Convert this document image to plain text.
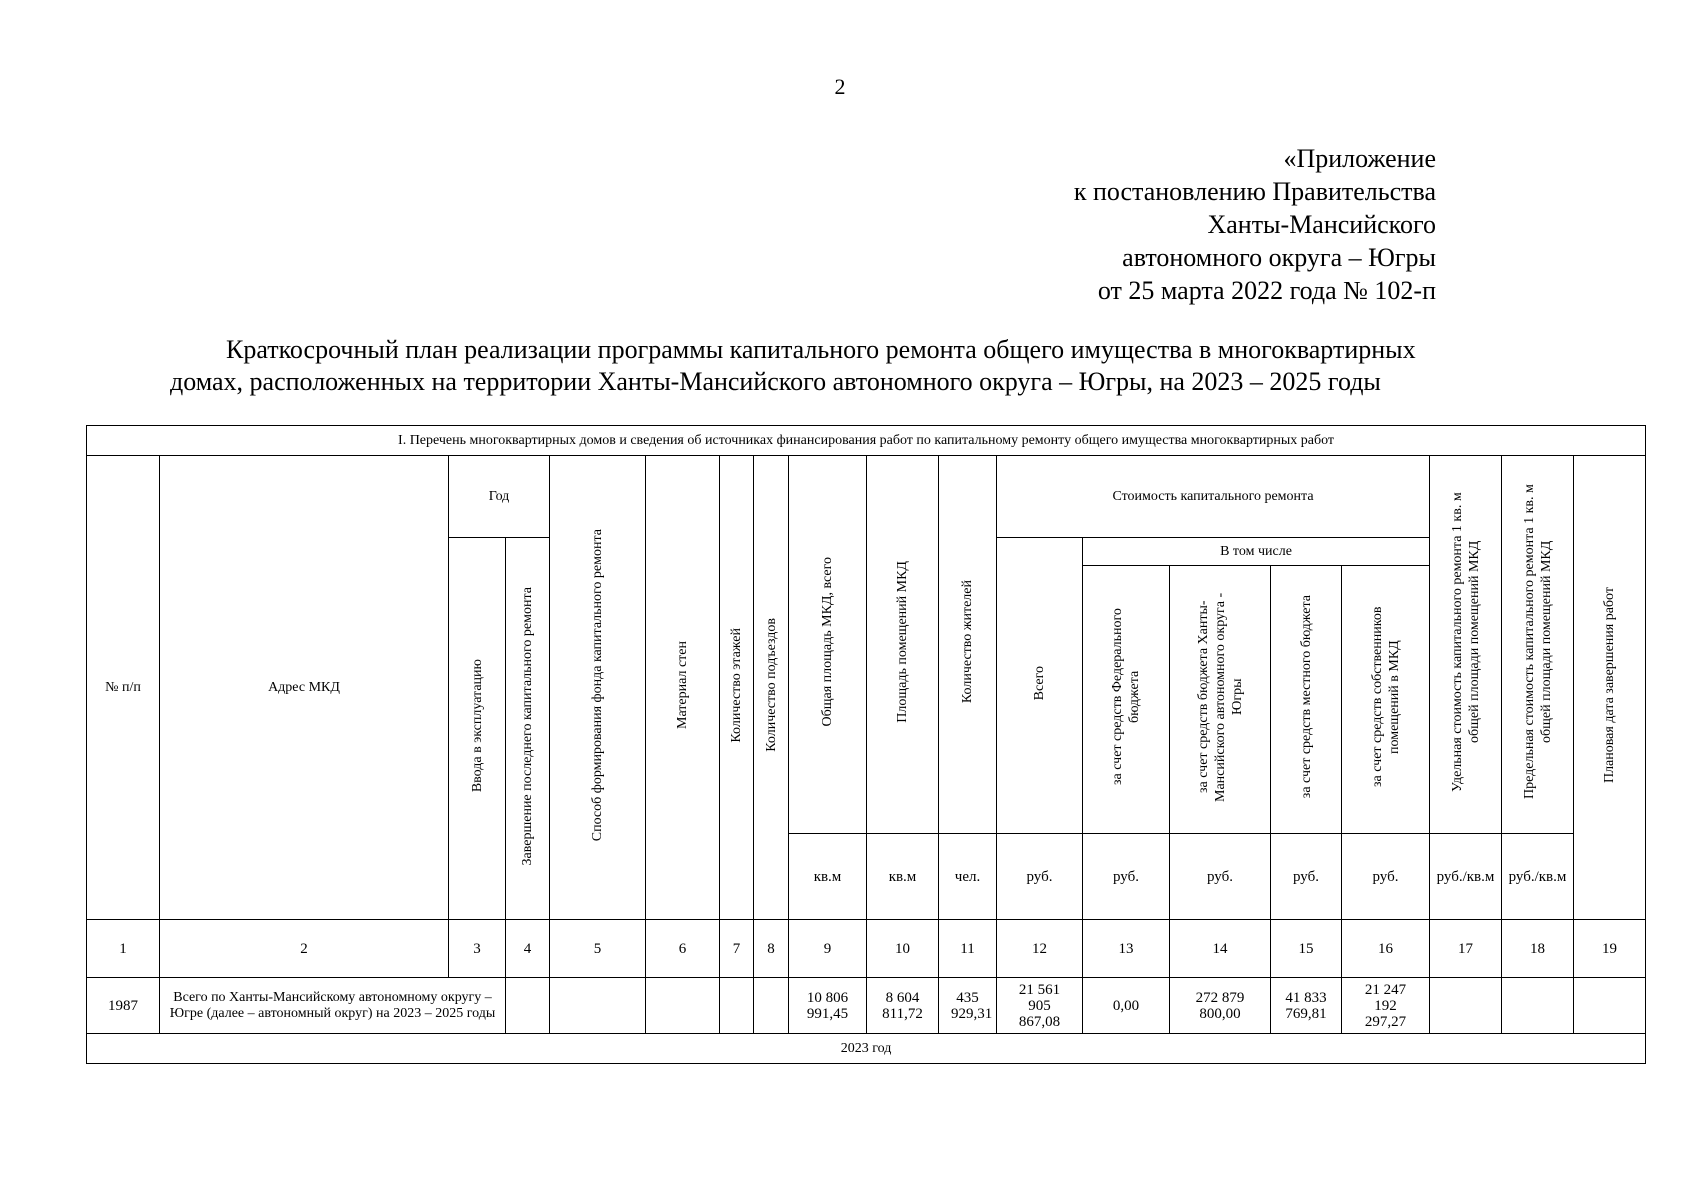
2
«Приложение
к постановлению Правительства
Ханты-Мансийского
автономного округа – Югры
от 25 марта 2022 года № 102-п
Краткосрочный план реализации программы капитального ремонта общего имущества в многоквартирных
домах, расположенных на территории Ханты-Мансийского автономного округа – Югры, на 2023 – 2025 годы
I. Перечень многоквартирных домов и сведения об источниках финансирования работ по капитальному ремонту общего имущества многоквартирных работ																		
№ п/п	Адрес МКД	Год		Способ формирования фонда капитального ремонта	Материал стен	Количество этажей	Количество подъездов	Общая площадь МКД, всего	Площадь помещений МКД	Количество жителей	Стоимость капитального ремонта					Удельная стоимость капитального ремонта 1 кв. м общей площади помещений МКД	Предельная стоимость капитального ремонта 1 кв. м общей площади помещений МКД	Плановая дата завершения работ
		Ввода в эксплуатацию	Завершение последнего капитального ремонта								Всего	В том числе						
												за счет средств Федерального бюджета	за счет средств бюджета Ханты-Мансийского автономного округа - Югры	за счет средств местного бюджета	за счет средств собственников помещений в МКД			
								кв.м	кв.м	чел.	руб.	руб.	руб.	руб.	руб.	руб./кв.м	руб./кв.м	
1	2	3	4	5	6	7	8	9	10	11	12	13	14	15	16	17	18	19
1987	Всего по Ханты-Мансийскому автономному округу – Югре (далее – автономный округ) на 2023 – 2025 годы							10 806 991,45	8 604 811,72	435 929,31	21 561 905 867,08	0,00	272 879 800,00	41 833 769,81	21 247 192 297,27			
2023 год																		
